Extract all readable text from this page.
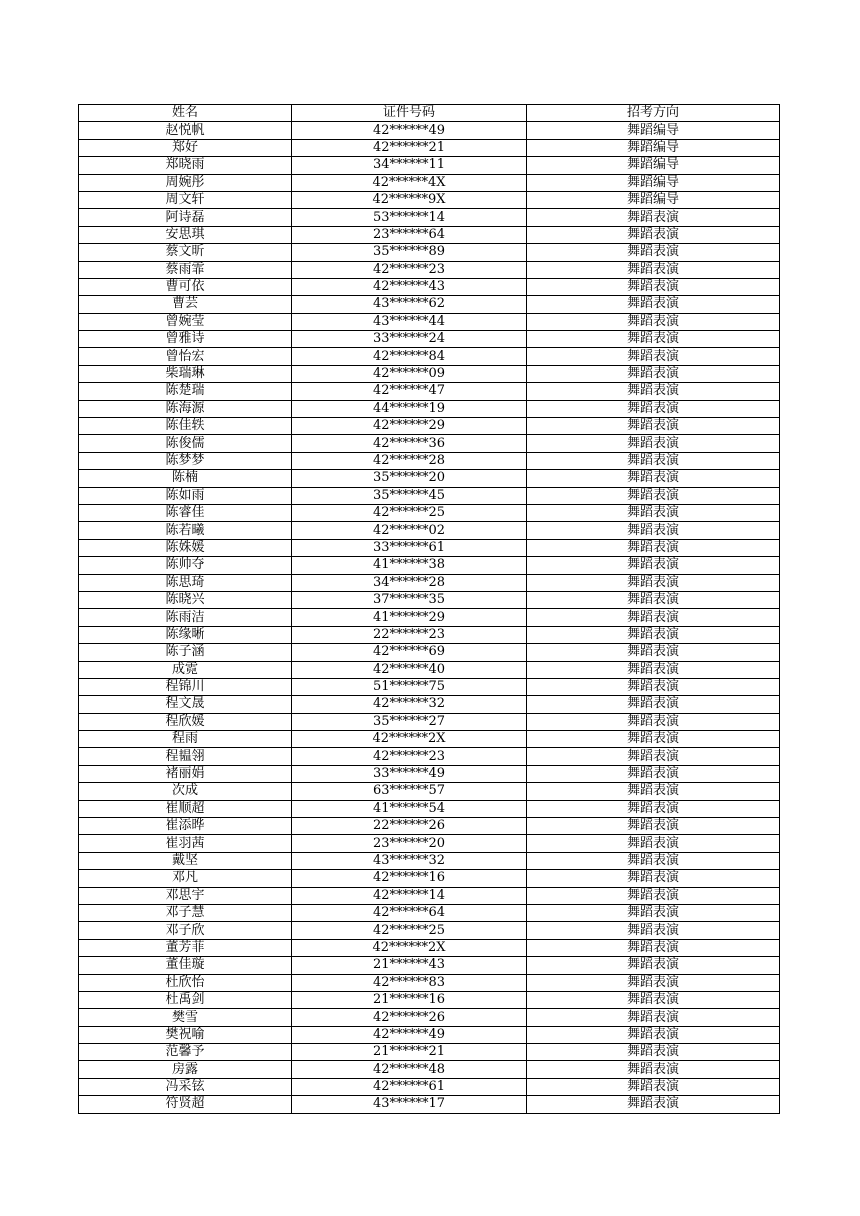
姓名	证件号码	招考方向
赵悦帆	42******49	舞蹈编导
郑好	42******21	舞蹈编导
郑晓雨	34******11	舞蹈编导
周婉彤	42******4X	舞蹈编导
周文轩	42******9X	舞蹈编导
阿诗磊	53******14	舞蹈表演
安思琪	23******64	舞蹈表演
蔡文昕	35******89	舞蹈表演
蔡雨霏	42******23	舞蹈表演
曹可依	42******43	舞蹈表演
曹芸	43******62	舞蹈表演
曾婉莹	43******44	舞蹈表演
曾雅诗	33******24	舞蹈表演
曾怡宏	42******84	舞蹈表演
柴瑞琳	42******09	舞蹈表演
陈楚瑞	42******47	舞蹈表演
陈海源	44******19	舞蹈表演
陈佳轶	42******29	舞蹈表演
陈俊儒	42******36	舞蹈表演
陈梦梦	42******28	舞蹈表演
陈楠	35******20	舞蹈表演
陈如雨	35******45	舞蹈表演
陈睿佳	42******25	舞蹈表演
陈若曦	42******02	舞蹈表演
陈姝媛	33******61	舞蹈表演
陈帅夺	41******38	舞蹈表演
陈思琦	34******28	舞蹈表演
陈晓兴	37******35	舞蹈表演
陈雨洁	41******29	舞蹈表演
陈缘晰	22******23	舞蹈表演
陈子涵	42******69	舞蹈表演
成霓	42******40	舞蹈表演
程锦川	51******75	舞蹈表演
程文晟	42******32	舞蹈表演
程欣媛	35******27	舞蹈表演
程雨	42******2X	舞蹈表演
程韫翎	42******23	舞蹈表演
褚丽娟	33******49	舞蹈表演
次成	63******57	舞蹈表演
崔顺超	41******54	舞蹈表演
崔添晔	22******26	舞蹈表演
崔羽茜	23******20	舞蹈表演
戴坚	43******32	舞蹈表演
邓凡	42******16	舞蹈表演
邓思宇	42******14	舞蹈表演
邓子慧	42******64	舞蹈表演
邓子欣	42******25	舞蹈表演
董芳菲	42******2X	舞蹈表演
董佳璇	21******43	舞蹈表演
杜欣怡	42******83	舞蹈表演
杜禹剑	21******16	舞蹈表演
樊雪	42******26	舞蹈表演
樊祝喻	42******49	舞蹈表演
范馨予	21******21	舞蹈表演
房露	42******48	舞蹈表演
冯采铉	42******61	舞蹈表演
符贤超	43******17	舞蹈表演
